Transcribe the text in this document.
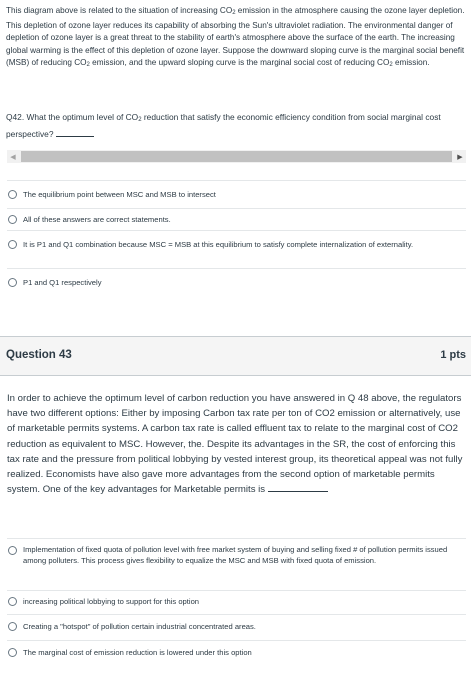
This diagram above is related to the situation of increasing CO2 emission in the atmosphere causing the ozone layer depletion. This depletion of ozone layer reduces its capability of absorbing the Sun's ultraviolet radiation. The environmental danger of depletion of ozone layer is a great threat to the stability of earth's atmosphere above the surface of the earth. The increasing global warming is the effect of this depletion of ozone layer. Suppose the downward sloping curve is the marginal social benefit (MSB) of reducing CO2 emission, and the upward sloping curve is the marginal social cost of reducing CO2 emission.
Q42. What the optimum level of CO2 reduction that satisfy the economic efficiency condition from social marginal cost perspective?
◀	▶
The equilibrium point between MSC and MSB to intersect
All of these answers are correct statements.
It is P1 and Q1 combination because MSC = MSB at this equilibrium to satisfy complete internalization of externality.
P1 and Q1 respectively
Question 43	1 pts
In order to achieve the optimum level of carbon reduction you have answered in Q 48 above, the regulators have two different options: Either by imposing Carbon tax rate per ton of CO2 emission or alternatively, use of marketable permits systems. A carbon tax rate is called effluent tax to relate to the marginal cost of CO2 reduction as equivalent to MSC. However, the. Despite its advantages in the SR, the cost of enforcing this tax rate and the pressure from political lobbying by vested interest group, its theoretical appeal was not fully realized. Economists have also gave more advantages from the second option of marketable permits system. One of the key advantages for Marketable permits is
Implementation of fixed quota of pollution level with free market system of buying and selling fixed # of pollution permits issued among polluters. This process gives flexibility to equalize the MSC and MSB with fixed quota of emission.
increasing political lobbying to support for this option
Creating a "hotspot" of pollution certain industrial concentrated areas.
The marginal cost of emission reduction is lowered under this option
